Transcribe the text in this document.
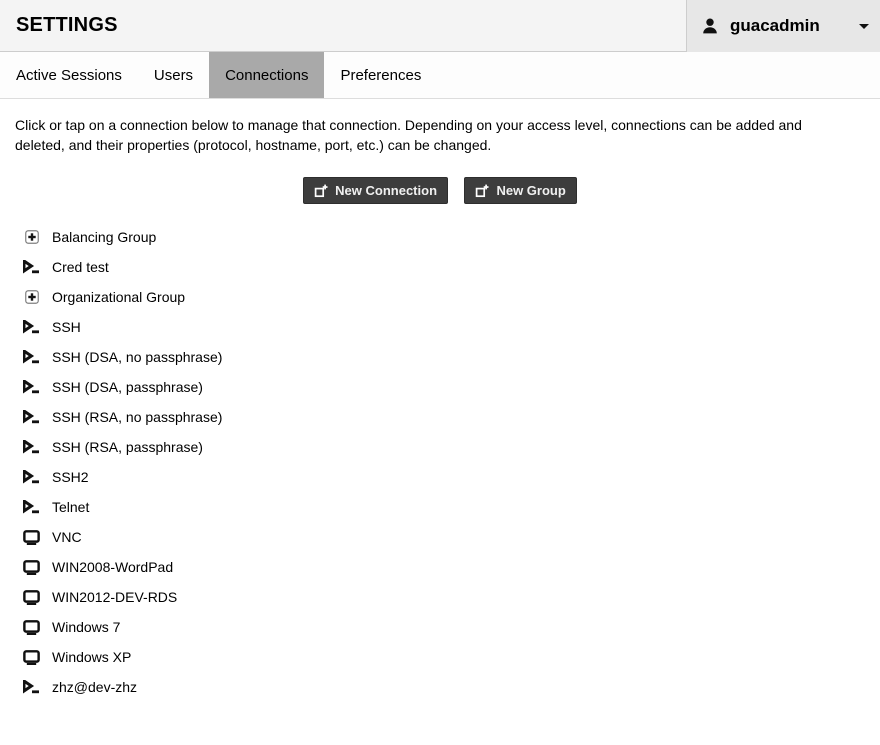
SETTINGS	guacadmin
Active Sessions	Users	Connections	Preferences

Click or tap on a connection below to manage that connection. Depending on your access level, connections can be added and deleted, and their properties (protocol, hostname, port, etc.) can be changed.

New Connection
	New Group
Balancing Group
Cred test
Organizational Group
SSH
SSH (DSA, no passphrase)
SSH (DSA, passphrase)
SSH (RSA, no passphrase)
SSH (RSA, passphrase)
SSH2
Telnet
VNC
WIN2008-WordPad
WIN2012-DEV-RDS
Windows 7
Windows XP
zhz@dev-zhz
